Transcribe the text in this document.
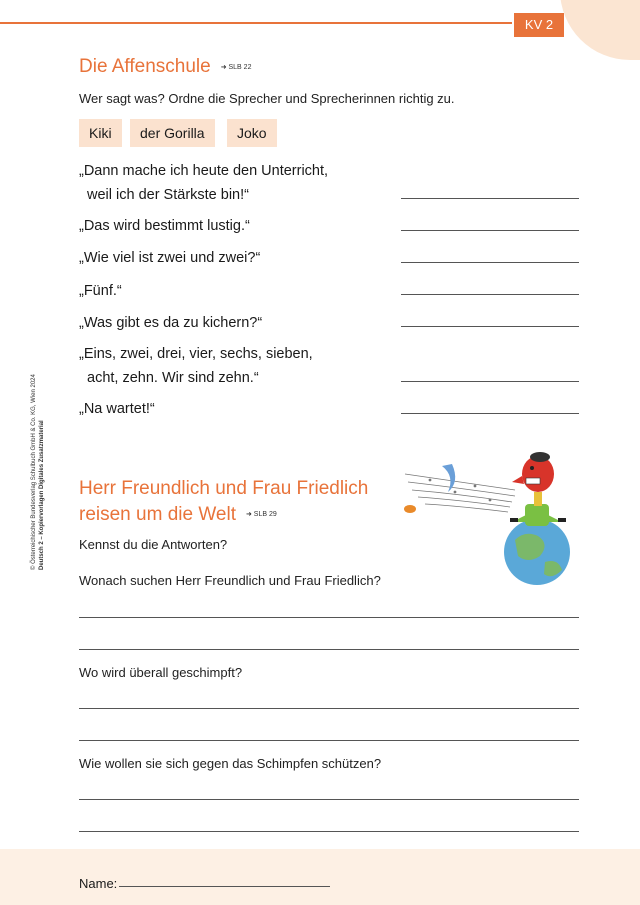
KV 2
© Österreichischer Bundesverlag Schulbuch GmbH & Co. KG, Wien 2024 Deutsch 2 – Kopiervorlagen Digitales Zusatzmaterial
Die Affenschule ➜ SLB 22
Wer sagt was? Ordne die Sprecher und Sprecherinnen richtig zu.
Kiki	der Gorilla	Joko
„Dann mache ich heute den Unterricht,
weil ich der Stärkste bin!“
„Das wird bestimmt lustig.“
„Wie viel ist zwei und zwei?“
„Fünf.“
„Was gibt es da zu kichern?“
„Eins, zwei, drei, vier, sechs, sieben,
acht, zehn. Wir sind zehn.“
„Na wartet!“
Herr Freundlich und Frau Friedlich
reisen um die Welt ➜ SLB 29
Kennst du die Antworten?
Wonach suchen Herr Freundlich und Frau Friedlich?
Wo wird überall geschimpft?
Wie wollen sie sich gegen das Schimpfen schützen?
Name:
